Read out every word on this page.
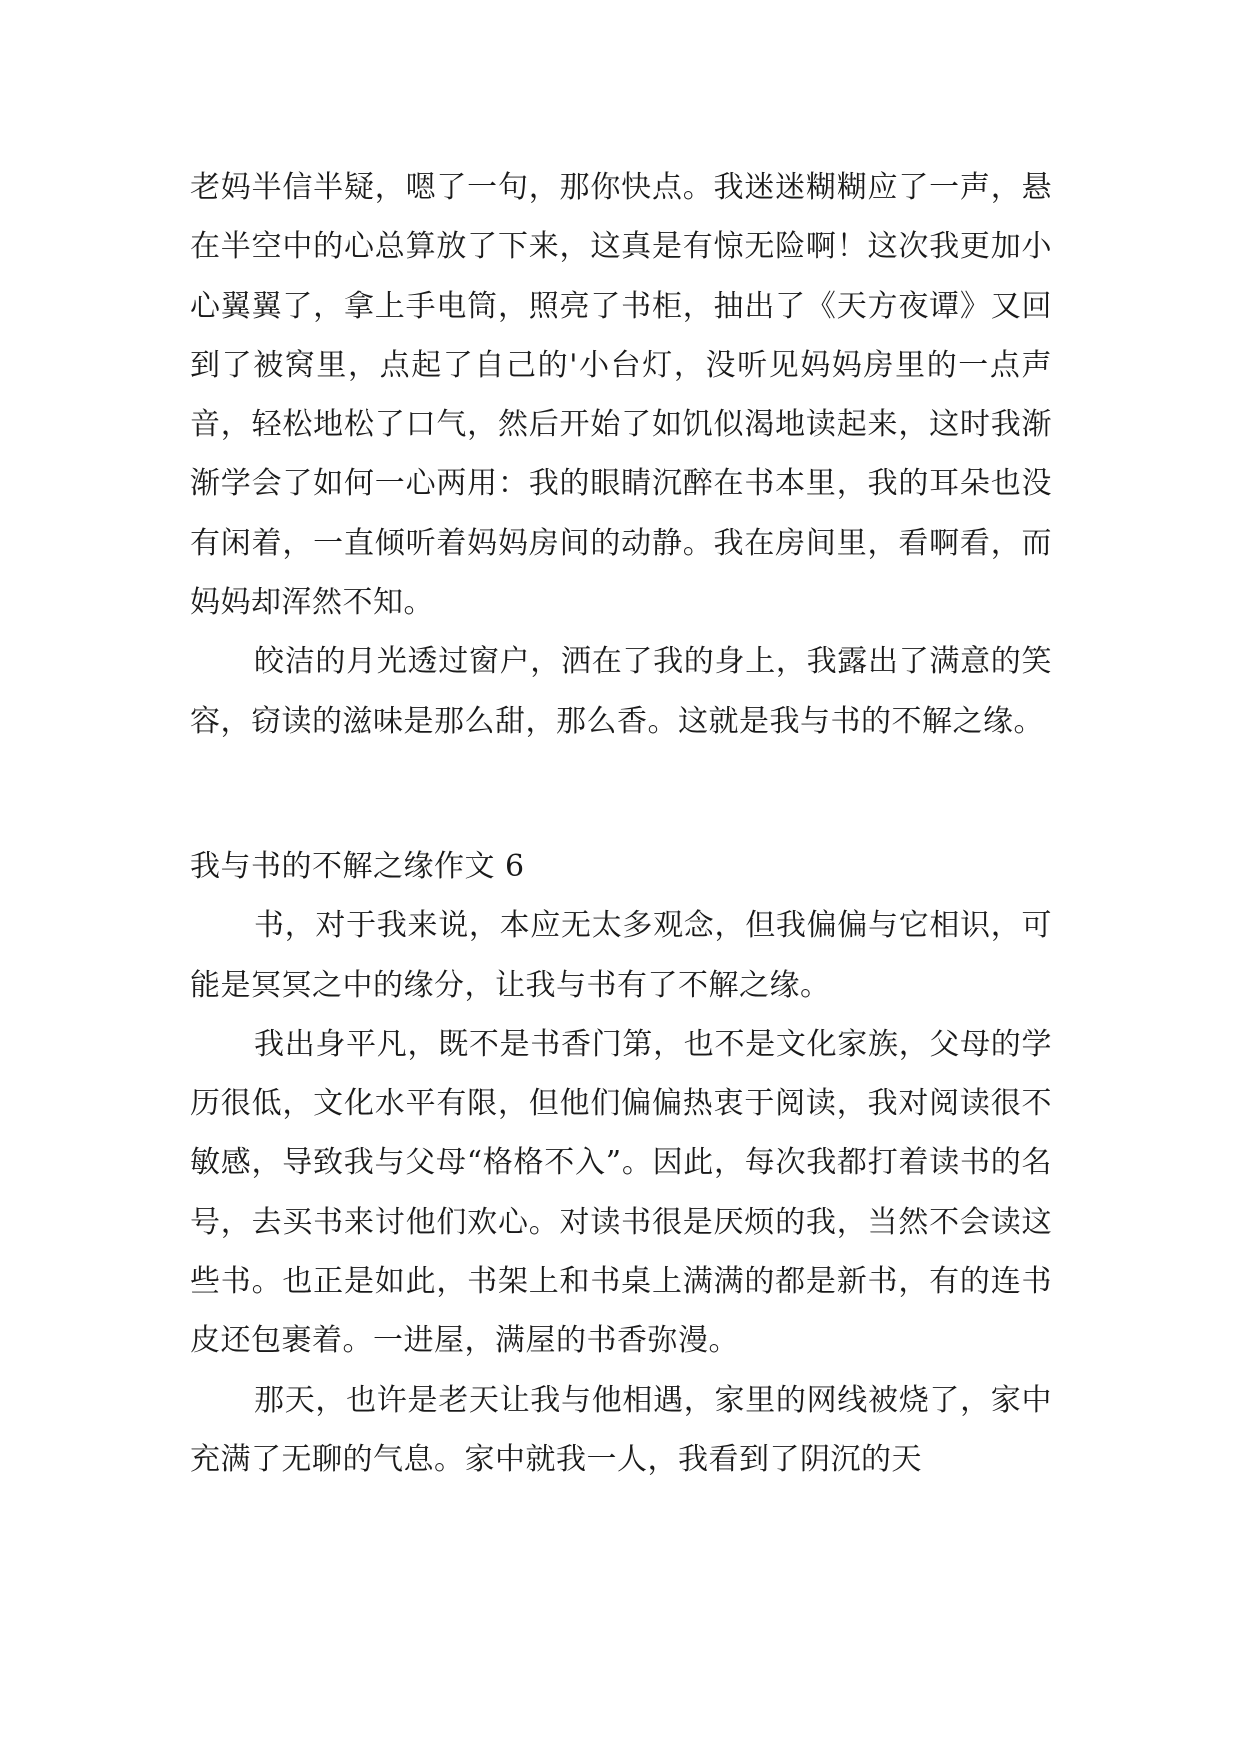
老妈半信半疑，嗯了一句，那你快点。我迷迷糊糊应了一声，悬在半空中的心总算放了下来，这真是有惊无险啊！这次我更加小心翼翼了，拿上手电筒，照亮了书柜，抽出了《天方夜谭》又回到了被窝里，点起了自己的'小台灯，没听见妈妈房里的一点声音，轻松地松了口气，然后开始了如饥似渴地读起来，这时我渐渐学会了如何一心两用：我的眼睛沉醉在书本里，我的耳朵也没有闲着，一直倾听着妈妈房间的动静。我在房间里，看啊看，而妈妈却浑然不知。

皎洁的月光透过窗户，洒在了我的身上，我露出了满意的笑容，窃读的滋味是那么甜，那么香。这就是我与书的不解之缘。

我与书的不解之缘作文 6

书，对于我来说，本应无太多观念，但我偏偏与它相识，可能是冥冥之中的缘分，让我与书有了不解之缘。

我出身平凡，既不是书香门第，也不是文化家族，父母的学历很低，文化水平有限，但他们偏偏热衷于阅读，我对阅读很不敏感，导致我与父母“格格不入”。因此，每次我都打着读书的名号，去买书来讨他们欢心。对读书很是厌烦的我，当然不会读这些书。也正是如此，书架上和书桌上满满的都是新书，有的连书皮还包裹着。一进屋，满屋的书香弥漫。

那天，也许是老天让我与他相遇，家里的网线被烧了，家中充满了无聊的气息。家中就我一人，我看到了阴沉的天
